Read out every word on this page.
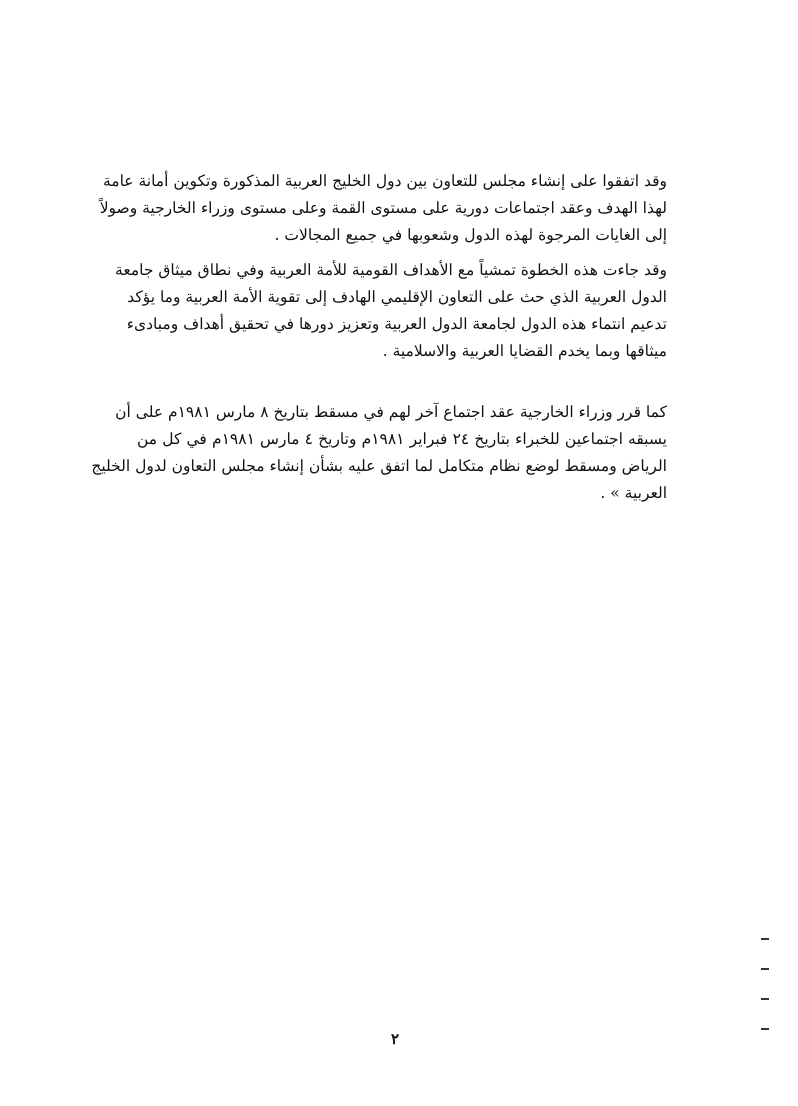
وقد اتفقوا على إنشاء مجلس للتعاون بين دول الخليج العربية المذكورة وتكوين أمانة عامة
لهذا الهدف وعقد اجتماعات دورية على مستوى القمة وعلى مستوى وزراء الخارجية وصولاً
إلى الغايات المرجوة لهذه الدول وشعوبها في جميع المجالات .
وقد جاءت هذه الخطوة تمشياً مع الأهداف القومية للأمة العربية وفي نطاق ميثاق جامعة
الدول العربية الذي حث على التعاون الإقليمي الهادف إلى تقوية الأمة العربية وما يؤكد
تدعيم انتماء هذه الدول لجامعة الدول العربية وتعزيز دورها في تحقيق أهداف ومبادىء
ميثاقها وبما يخدم القضايا العربية والاسلامية .
كما قرر وزراء الخارجية عقد اجتماع آخر لهم في مسقط بتاريخ ٨ مارس ١٩٨١م على أن
يسبقه اجتماعين للخبراء بتاريخ ٢٤ فبراير ١٩٨١م وتاريخ ٤ مارس ١٩٨١م في كل من
الرياض ومسقط لوضع نظام متكامل لما اتفق عليه بشأن إنشاء مجلس التعاون لدول الخليج
العربية » .
٢
